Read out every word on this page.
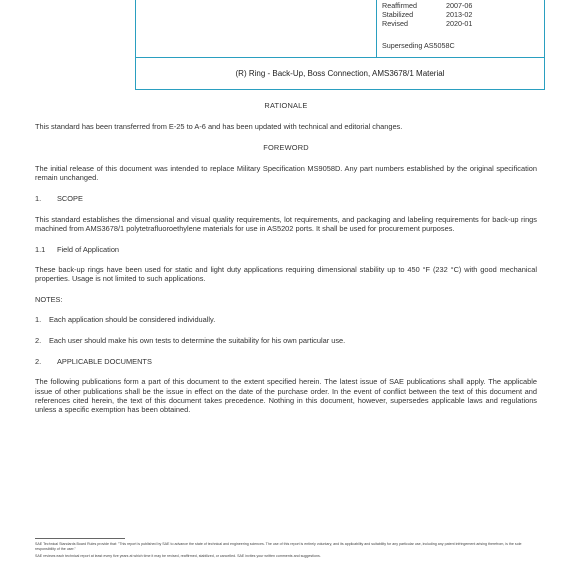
Reaffirmed	2007-06
Stabilized	2013-02
Revised	2020-01
Superseding AS5058C
(R) Ring - Back-Up, Boss Connection, AMS3678/1 Material
RATIONALE

This standard has been transferred from E-25 to A-6 and has been updated with technical and editorial changes.

FOREWORD

The initial release of this document was intended to replace Military Specification MS9058D. Any part numbers established by the original specification remain unchanged.

1. SCOPE

This standard establishes the dimensional and visual quality requirements, lot requirements, and packaging and labeling requirements for back-up rings machined from AMS3678/1 polytetrafluoroethylene materials for use in AS5202 ports. It shall be used for procurement purposes.

1.1 Field of Application

These back-up rings have been used for static and light duty applications requiring dimensional stability up to 450 °F (232 °C) with good mechanical properties. Usage is not limited to such applications.

NOTES:
1. Each application should be considered individually.
2. Each user should make his own tests to determine the suitability for his own particular use.
2. APPLICABLE DOCUMENTS

The following publications form a part of this document to the extent specified herein. The latest issue of SAE publications shall apply. The applicable issue of other publications shall be the issue in effect on the date of the purchase order. In the event of conflict between the text of this document and references cited herein, the text of this document takes precedence. Nothing in this document, however, supersedes applicable laws and regulations unless a specific exemption has been obtained.

SAE Technical Standards Board Rules provide that: "This report is published by SAE to advance the state of technical and engineering sciences. The use of this report is entirely voluntary, and its applicability and suitability for any particular use, including any patent infringement arising therefrom, is the sole responsibility of the user."

SAE reviews each technical report at least every five years at which time it may be revised, reaffirmed, stabilized, or cancelled. SAE invites your written comments and suggestions.
